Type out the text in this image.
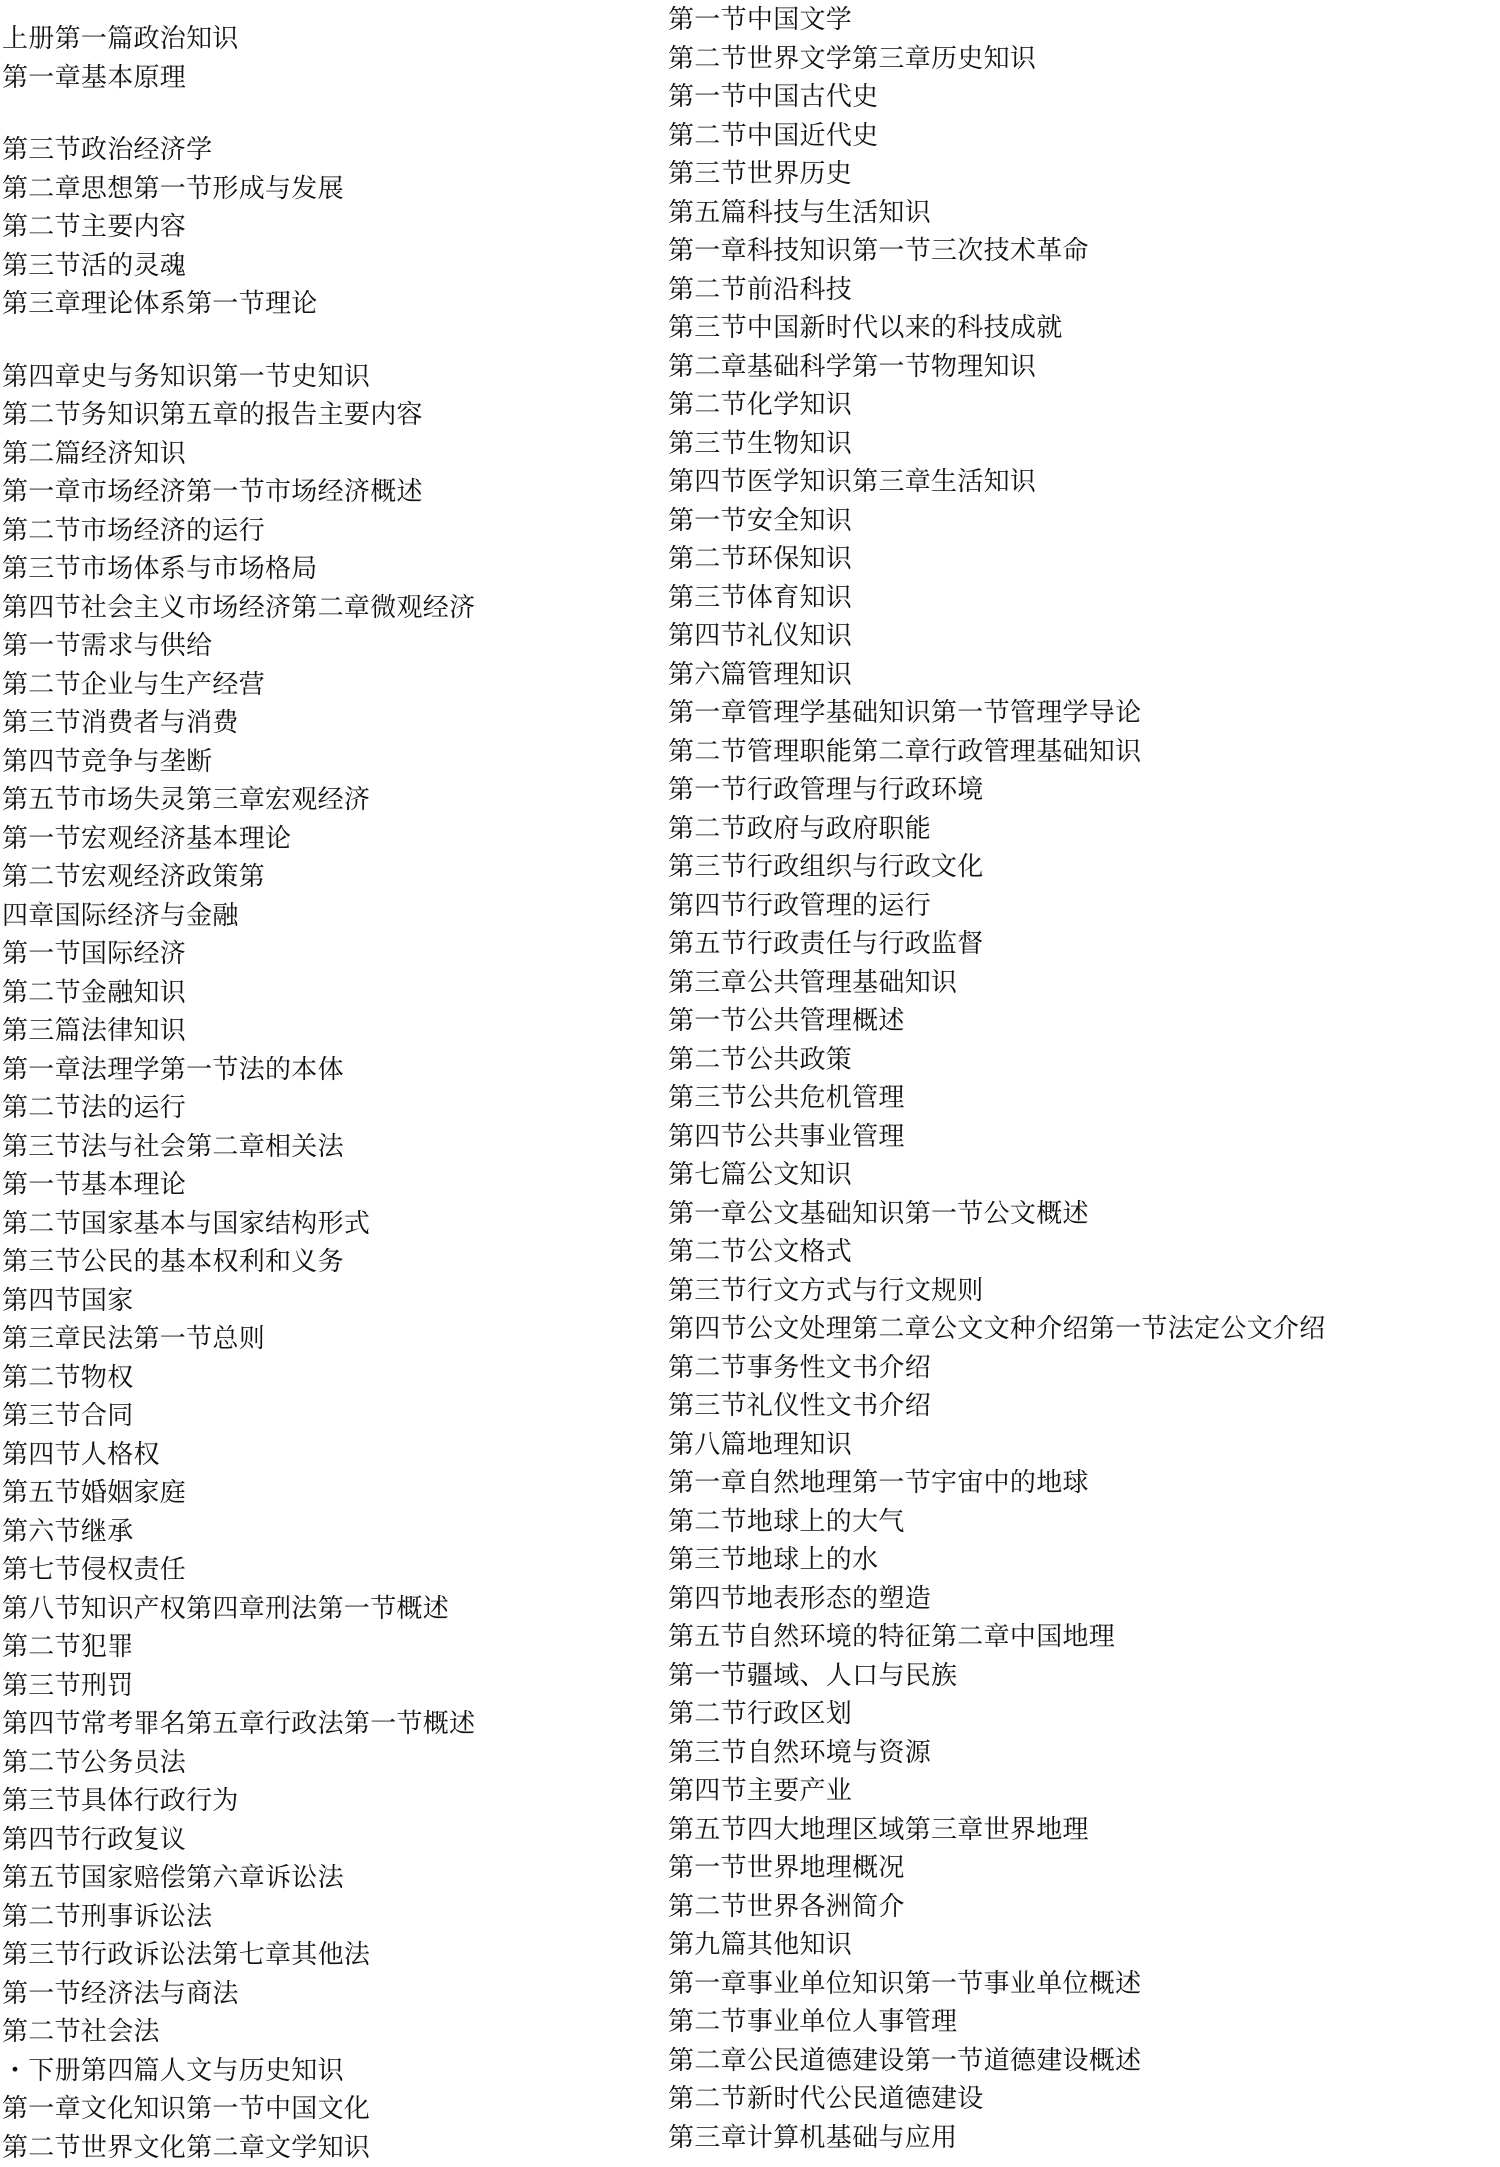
上册第一篇政治知识
第一章基本原理
第三节政治经济学
第二章思想第一节形成与发展
第二节主要内容
第三节活的灵魂
第三章理论体系第一节理论
第四章史与务知识第一节史知识
第二节务知识第五章的报告主要内容
第二篇经济知识
第一章市场经济第一节市场经济概述
第二节市场经济的运行
第三节市场体系与市场格局
第四节社会主义市场经济第二章微观经济
第一节需求与供给
第二节企业与生产经营
第三节消费者与消费
第四节竞争与垄断
第五节市场失灵第三章宏观经济
第一节宏观经济基本理论
第二节宏观经济政策第
四章国际经济与金融
第一节国际经济
第二节金融知识
第三篇法律知识
第一章法理学第一节法的本体
第二节法的运行
第三节法与社会第二章相关法
第一节基本理论
第二节国家基本与国家结构形式
第三节公民的基本权利和义务
第四节国家
第三章民法第一节总则
第二节物权
第三节合同
第四节人格权
第五节婚姻家庭
第六节继承
第七节侵权责任
第八节知识产权第四章刑法第一节概述
第二节犯罪
第三节刑罚
第四节常考罪名第五章行政法第一节概述
第二节公务员法
第三节具体行政行为
第四节行政复议
第五节国家赔偿第六章诉讼法
第二节刑事诉讼法
第三节行政诉讼法第七章其他法
第一节经济法与商法
第二节社会法
・下册第四篇人文与历史知识
第一章文化知识第一节中国文化
第二节世界文化第二章文学知识
第一节中国文学
第二节世界文学第三章历史知识
第一节中国古代史
第二节中国近代史
第三节世界历史
第五篇科技与生活知识
第一章科技知识第一节三次技术革命
第二节前沿科技
第三节中国新时代以来的科技成就
第二章基础科学第一节物理知识
第二节化学知识
第三节生物知识
第四节医学知识第三章生活知识
第一节安全知识
第二节环保知识
第三节体育知识
第四节礼仪知识
第六篇管理知识
第一章管理学基础知识第一节管理学导论
第二节管理职能第二章行政管理基础知识
第一节行政管理与行政环境
第二节政府与政府职能
第三节行政组织与行政文化
第四节行政管理的运行
第五节行政责任与行政监督
第三章公共管理基础知识
第一节公共管理概述
第二节公共政策
第三节公共危机管理
第四节公共事业管理
第七篇公文知识
第一章公文基础知识第一节公文概述
第二节公文格式
第三节行文方式与行文规则
第四节公文处理第二章公文文种介绍第一节法定公文介绍
第二节事务性文书介绍
第三节礼仪性文书介绍
第八篇地理知识
第一章自然地理第一节宇宙中的地球
第二节地球上的大气
第三节地球上的水
第四节地表形态的塑造
第五节自然环境的特征第二章中国地理
第一节疆域、人口与民族
第二节行政区划
第三节自然环境与资源
第四节主要产业
第五节四大地理区域第三章世界地理
第一节世界地理概况
第二节世界各洲简介
第九篇其他知识
第一章事业单位知识第一节事业单位概述
第二节事业单位人事管理
第二章公民道德建设第一节道德建设概述
第二节新时代公民道德建设
第三章计算机基础与应用
